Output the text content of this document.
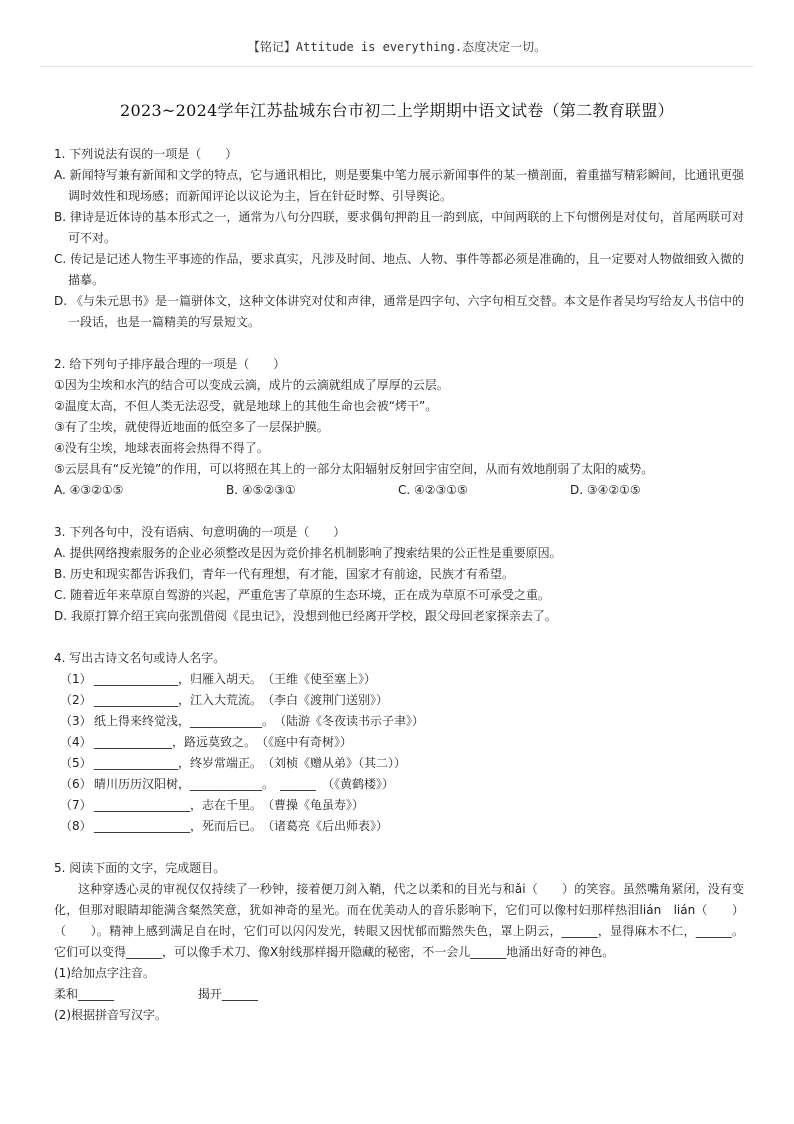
【铭记】Attitude is everything.态度决定一切。
2023~2024学年江苏盐城东台市初二上学期期中语文试卷（第二教育联盟）

1. 下列说法有误的一项是（　　）

A. 新闻特写兼有新闻和文学的特点，它与通讯相比，则是要集中笔力展示新闻事件的某一横剖面，着重描写精彩瞬间，比通讯更强调时效性和现场感；而新闻评论以议论为主，旨在针砭时弊、引导舆论。

B. 律诗是近体诗的基本形式之一，通常为八句分四联，要求偶句押韵且一韵到底，中间两联的上下句惯例是对仗句，首尾两联可对可不对。

C. 传记是记述人物生平事迹的作品，要求真实，凡涉及时间、地点、人物、事件等都必须是准确的，且一定要对人物做细致入微的描摹。

D. 《与朱元思书》是一篇骈体文，这种文体讲究对仗和声律，通常是四字句、六字句相互交替。本文是作者吴均写给友人书信中的一段话，也是一篇精美的写景短文。

2. 给下列句子排序最合理的一项是（　　）

①因为尘埃和水汽的结合可以变成云滴，成片的云滴就组成了厚厚的云层。

②温度太高，不但人类无法忍受，就是地球上的其他生命也会被“烤干”。

③有了尘埃，就使得近地面的低空多了一层保护膜。

④没有尘埃，地球表面将会热得不得了。

⑤云层具有“反光镜”的作用，可以将照在其上的一部分太阳辐射反射回宇宙空间，从而有效地削弱了太阳的威势。

A. ④③②①⑤	B. ④⑤②③①	C. ④②③①⑤	D. ③④②①⑤

3. 下列各句中，没有语病、句意明确的一项是（　　）

A. 提供网络搜索服务的企业必须整改是因为竞价排名机制影响了搜索结果的公正性是重要原因。

B. 历史和现实都告诉我们，青年一代有理想，有才能，国家才有前途，民族才有希望。

C. 随着近年来草原自驾游的兴起，严重危害了草原的生态环境，正在成为草原不可承受之重。

D. 我原打算介绍王宾向张凯借阅《昆虫记》，没想到他已经离开学校，跟父母回老家探亲去了。

4. 写出古诗文名句或诗人名字。

（1） ______________，归雁入胡天。　（王维《使至塞上》）

（2） ______________，江入大荒流。　（李白《渡荆门送别》）

（3） 纸上得来终觉浅，____________。　（陆游《冬夜读书示子聿》）

（4） _____________，路远莫致之。　（《庭中有奇树》）

（5） ______________，终岁常端正。　（刘桢《赠从弟》（其二））

（6） 晴川历历汉阳树，____________。　______　（《黄鹤楼》）

（7） ________________，志在千里。　（曹操《龟虽寿》）

（8） ________________，死而后已。　（诸葛亮《后出师表》）

5. 阅读下面的文字，完成题目。

这种穿透心灵的审视仅仅持续了一秒钟，接着便刀剑入鞘，代之以柔和的目光与和ǎi（　　）的笑容。虽然嘴角紧闭，没有变化，但那对眼睛却能满含粲然笑意，犹如神奇的星光。而在优美动人的音乐影响下，它们可以像村妇那样热泪lián　lián（　　）（　　）。精神上感到满足自在时，它们可以闪闪发光，转眼又因忧郁而黯然失色，罩上阴云，______，显得麻木不仁，______。它们可以变得______，可以像手术刀、像X射线那样揭开隐藏的秘密，不一会儿______地涌出好奇的神色。

(1)给加点字注音。

柔和______	揭开______

(2)根据拼音写汉字。
